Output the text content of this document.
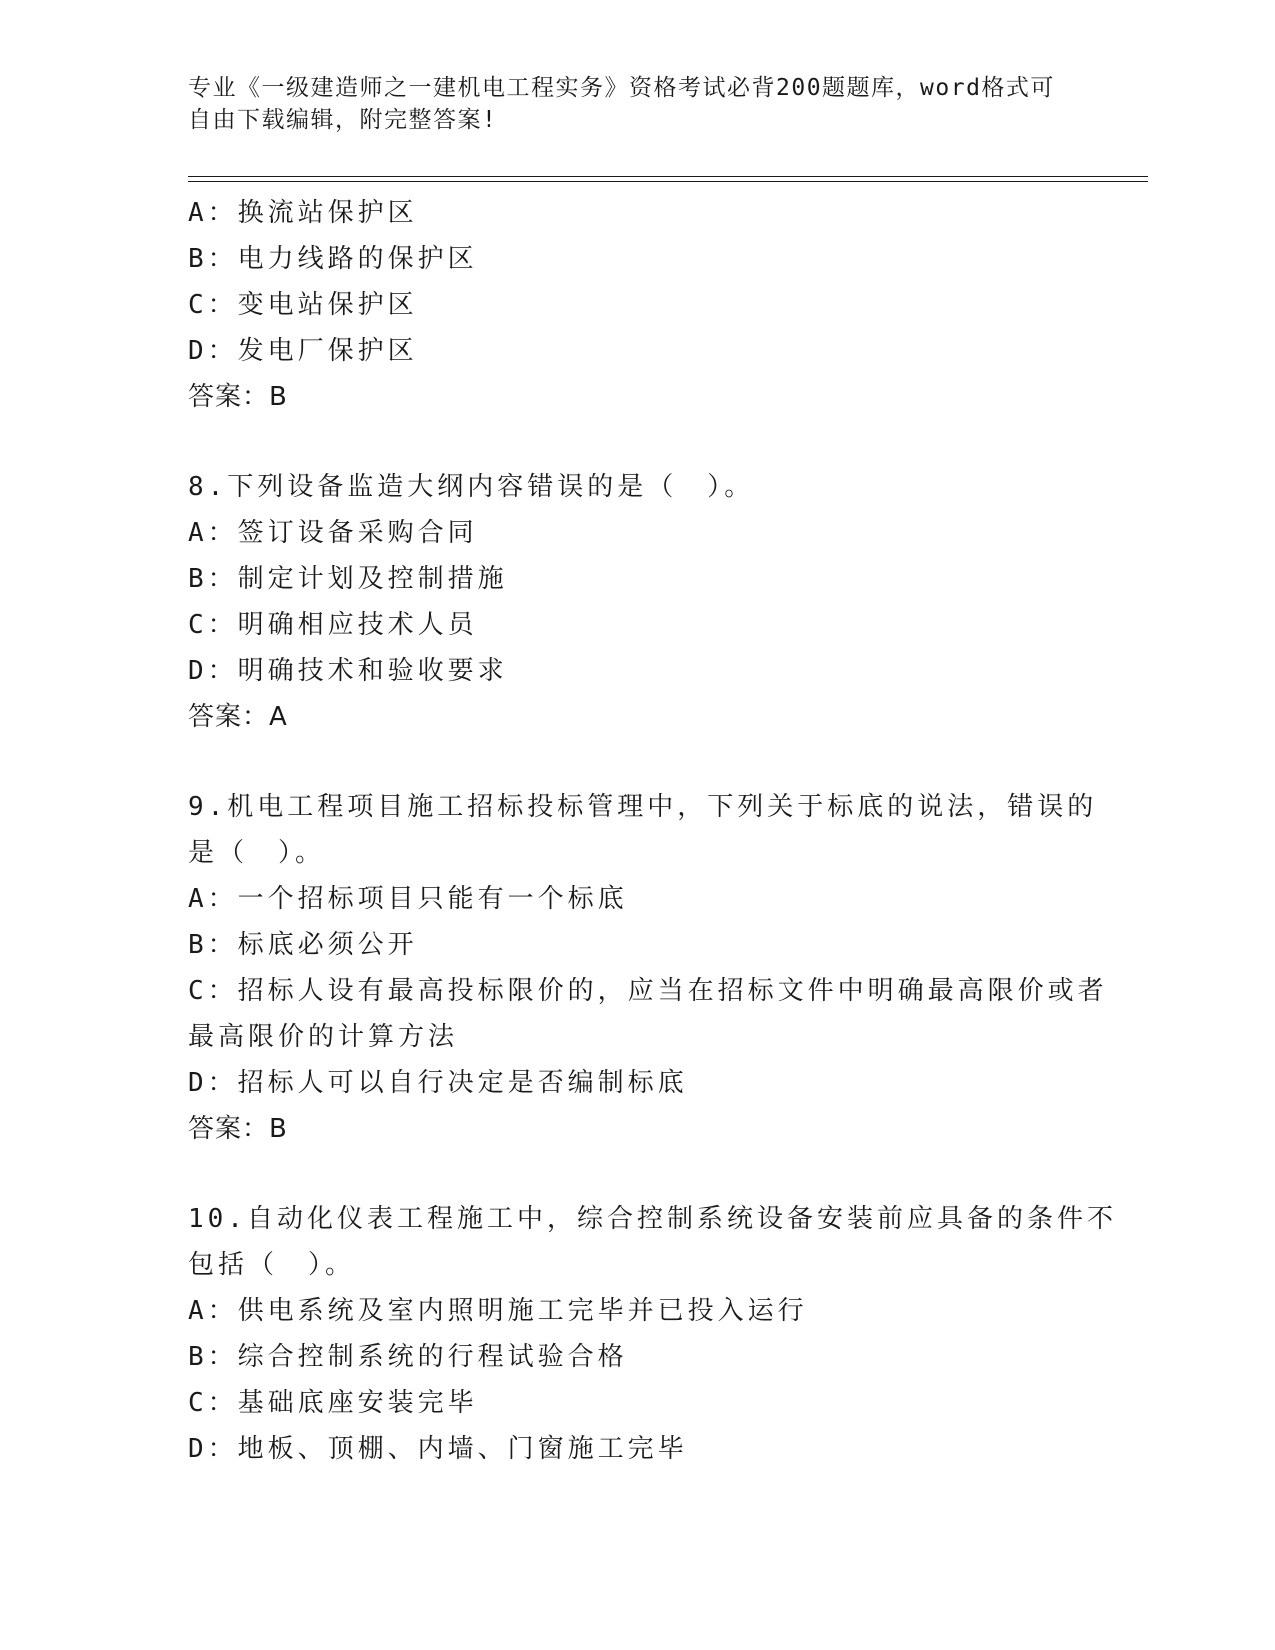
专业《一级建造师之一建机电工程实务》资格考试必背200题题库，word格式可
自由下载编辑，附完整答案!

A：换流站保护区

B：电力线路的保护区

C：变电站保护区

D：发电厂保护区

答案：B

8.下列设备监造大纲内容错误的是（　）。

A：签订设备采购合同

B：制定计划及控制措施

C：明确相应技术人员

D：明确技术和验收要求

答案：A

9.机电工程项目施工招标投标管理中，下列关于标底的说法，错误的

是（　）。

A：一个招标项目只能有一个标底

B：标底必须公开

C：招标人设有最高投标限价的，应当在招标文件中明确最高限价或者

最高限价的计算方法

D：招标人可以自行决定是否编制标底

答案：B

10.自动化仪表工程施工中，综合控制系统设备安装前应具备的条件不

包括（　）。

A：供电系统及室内照明施工完毕并已投入运行

B：综合控制系统的行程试验合格

C：基础底座安装完毕

D：地板、顶棚、内墙、门窗施工完毕
